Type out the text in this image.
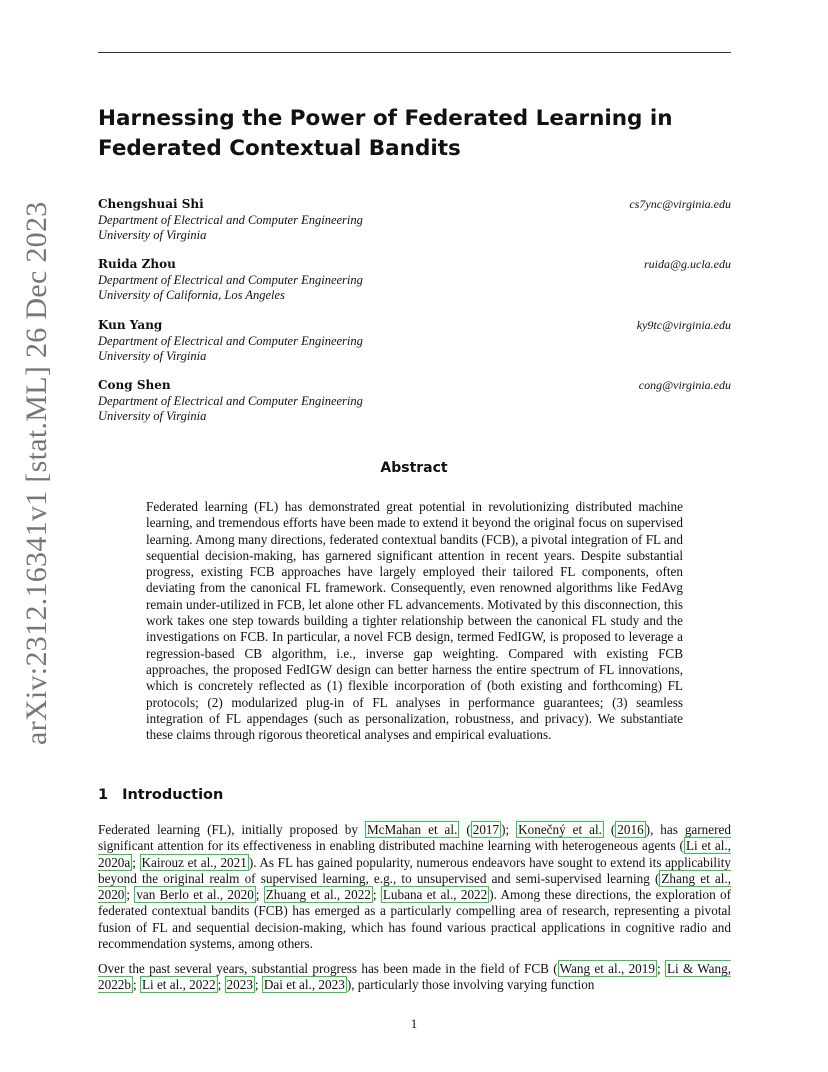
arXiv:2312.16341v1 [stat.ML] 26 Dec 2023
Harnessing the Power of Federated Learning in Federated Contextual Bandits
Chengshuai Shi	cs7ync@virginia.edu
Department of Electrical and Computer Engineering
University of Virginia
Ruida Zhou	ruida@g.ucla.edu
Department of Electrical and Computer Engineering
University of California, Los Angeles
Kun Yang	ky9tc@virginia.edu
Department of Electrical and Computer Engineering
University of Virginia
Cong Shen	cong@virginia.edu
Department of Electrical and Computer Engineering
University of Virginia
Abstract

Federated learning (FL) has demonstrated great potential in revolutionizing distributed machine learning, and tremendous efforts have been made to extend it beyond the original focus on supervised learning. Among many directions, federated contextual bandits (FCB), a pivotal integration of FL and sequential decision-making, has garnered significant attention in recent years. Despite substantial progress, existing FCB approaches have largely employed their tailored FL components, often deviating from the canonical FL framework. Consequently, even renowned algorithms like FedAvg remain under-utilized in FCB, let alone other FL advancements. Motivated by this disconnection, this work takes one step towards building a tighter relationship between the canonical FL study and the investigations on FCB. In particular, a novel FCB design, termed FedIGW, is proposed to leverage a regression-based CB algorithm, i.e., inverse gap weighting. Compared with existing FCB approaches, the proposed FedIGW design can better harness the entire spectrum of FL innovations, which is concretely reflected as (1) flexible incorporation of (both existing and forthcoming) FL protocols; (2) modularized plug-in of FL analyses in performance guarantees; (3) seamless integration of FL appendages (such as personalization, robustness, and privacy). We substantiate these claims through rigorous theoretical analyses and empirical evaluations.

1 Introduction

Federated learning (FL), initially proposed by McMahan et al. ( 2017 ); Konečný et al. ( 2016 ), has garnered significant attention for its effectiveness in enabling distributed machine learning with heterogeneous agents ( Li et al., 2020a ; Kairouz et al., 2021 ). As FL has gained popularity, numerous endeavors have sought to extend its applicability beyond the original realm of supervised learning, e.g., to unsupervised and semi-supervised learning ( Zhang et al., 2020 ; van Berlo et al., 2020 ; Zhuang et al., 2022 ; Lubana et al., 2022 ). Among these directions, the exploration of federated contextual bandits (FCB) has emerged as a particularly compelling area of research, representing a pivotal fusion of FL and sequential decision-making, which has found various practical applications in cognitive radio and recommendation systems, among others.

Over the past several years, substantial progress has been made in the field of FCB ( Wang et al., 2019 ; Li & Wang, 2022b ; Li et al., 2022 ; 2023 ; Dai et al., 2023 ), particularly those involving varying function

1
